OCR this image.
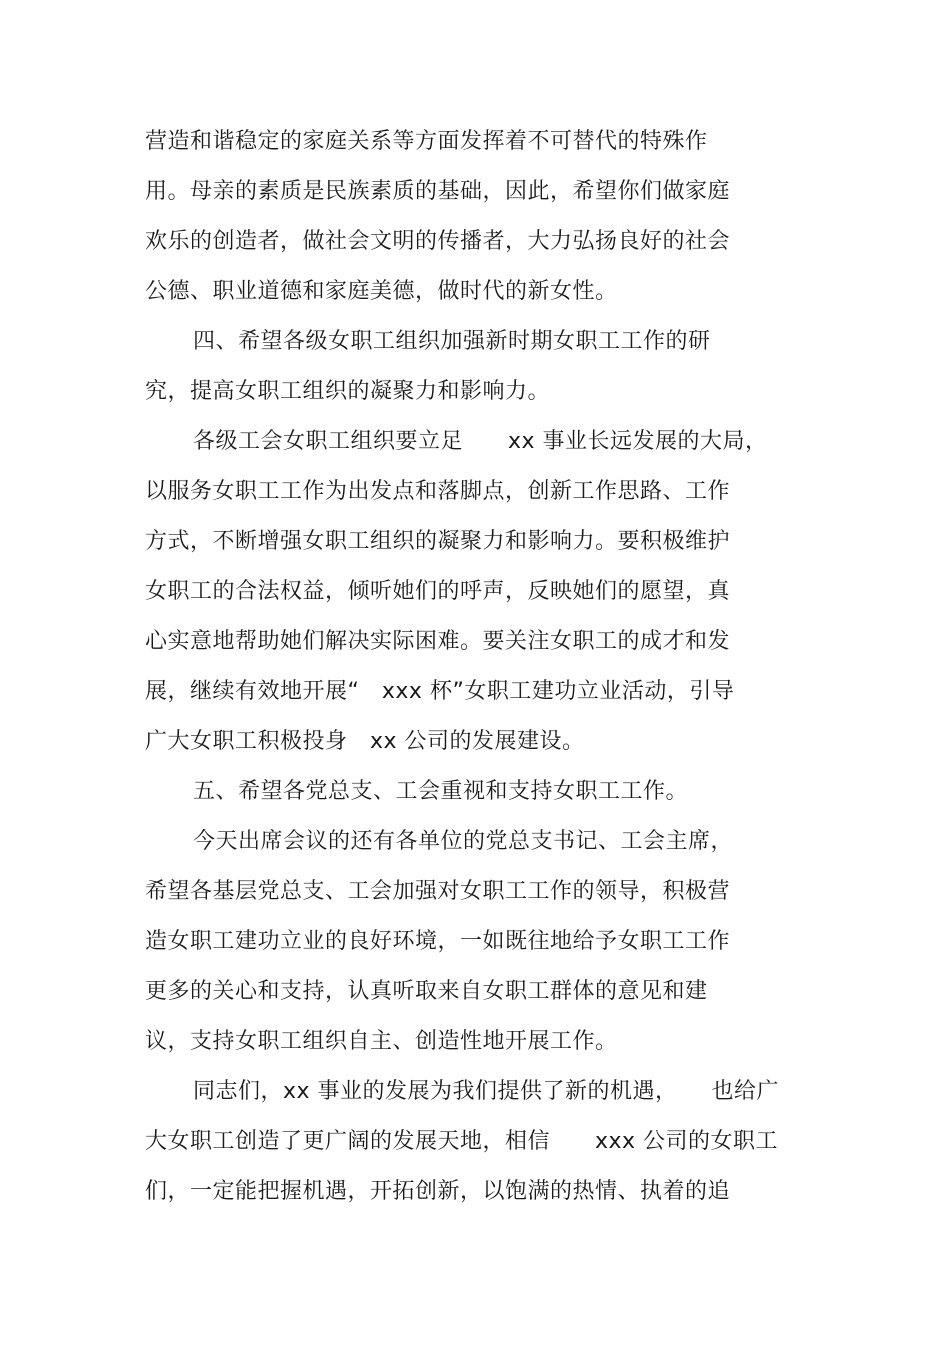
营造和谐稳定的家庭关系等方面发挥着不可替代的特殊作
用。母亲的素质是民族素质的基础，因此，希望你们做家庭
欢乐的创造者，做社会文明的传播者，大力弘扬良好的社会
公德、职业道德和家庭美德，做时代的新女性。
四、希望各级女职工组织加强新时期女职工工作的研
究，提高女职工组织的凝聚力和影响力。
各级工会女职工组织要立足　　xx 事业长远发展的大局，
以服务女职工工作为出发点和落脚点，创新工作思路、工作
方式，不断增强女职工组织的凝聚力和影响力。要积极维护
女职工的合法权益，倾听她们的呼声，反映她们的愿望，真
心实意地帮助她们解决实际困难。要关注女职工的成才和发
展，继续有效地开展“　xxx 杯”女职工建功立业活动，引导
广大女职工积极投身　xx 公司的发展建设。
五、希望各党总支、工会重视和支持女职工工作。
今天出席会议的还有各单位的党总支书记、工会主席，
希望各基层党总支、工会加强对女职工工作的领导，积极营
造女职工建功立业的良好环境，一如既往地给予女职工工作
更多的关心和支持，认真听取来自女职工群体的意见和建
议，支持女职工组织自主、创造性地开展工作。
同志们，xx 事业的发展为我们提供了新的机遇，　　也给广
大女职工创造了更广阔的发展天地，相信　　xxx 公司的女职工
们，一定能把握机遇，开拓创新，以饱满的热情、执着的追
